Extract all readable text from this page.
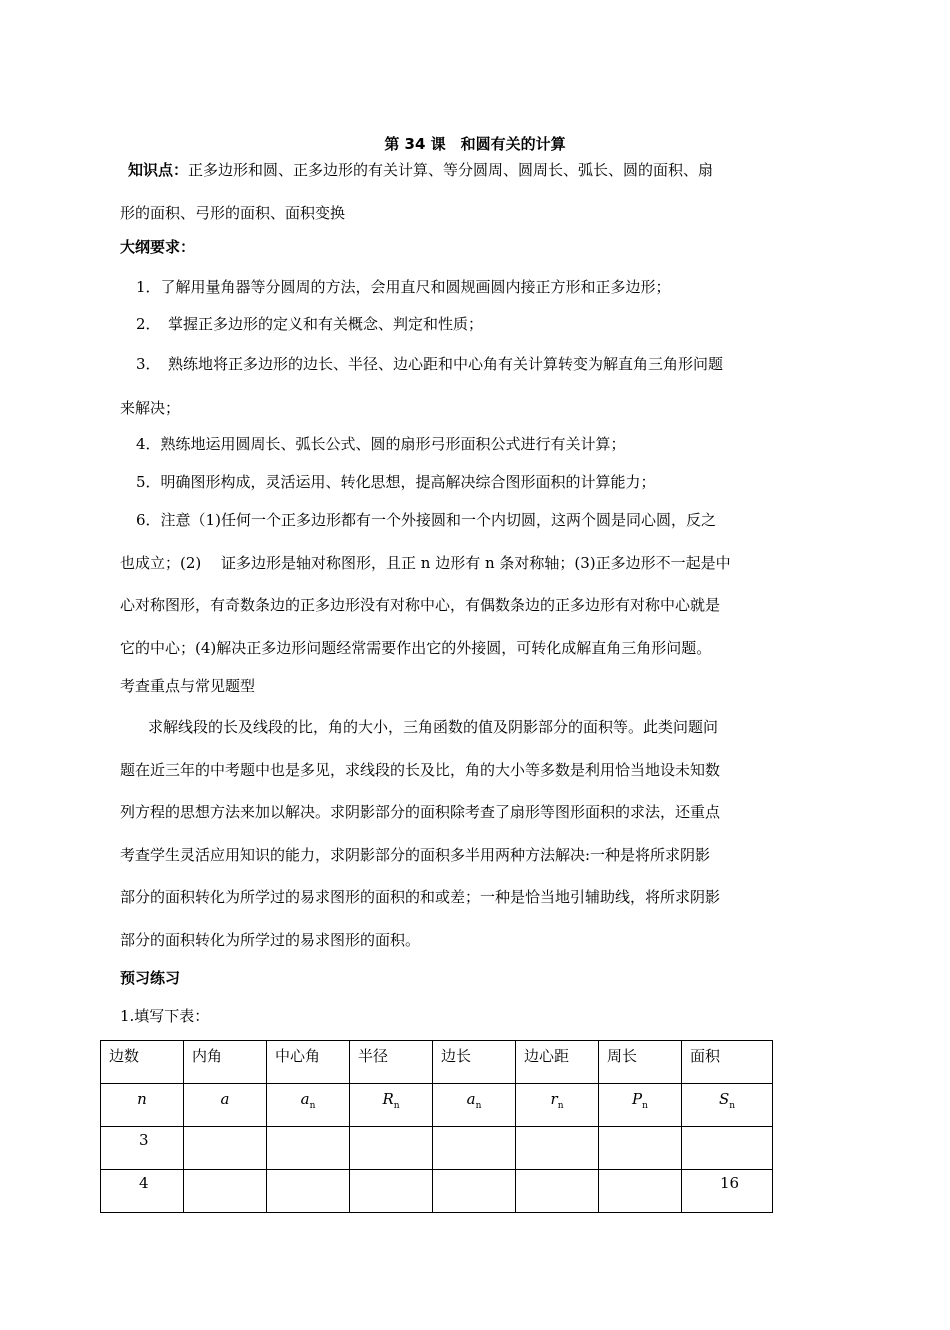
第 34 课　和圆有关的计算
知识点：正多边形和圆、正多边形的有关计算、等分圆周、圆周长、弧长、圆的面积、扇
形的面积、弓形的面积、面积变换
大纲要求：
1．了解用量角器等分圆周的方法，会用直尺和圆规画圆内接正方形和正多边形；
2．　掌握正多边形的定义和有关概念、判定和性质；
3．　熟练地将正多边形的边长、半径、边心距和中心角有关计算转变为解直角三角形问题
来解决；
4．熟练地运用圆周长、弧长公式、圆的扇形弓形面积公式进行有关计算；
5．明确图形构成，灵活运用、转化思想，提高解决综合图形面积的计算能力；
6．注意（1)任何一个正多边形都有一个外接圆和一个内切圆，这两个圆是同心圆，反之
也成立；(2)　 证多边形是轴对称图形，且正 n 边形有 n 条对称轴；(3)正多边形不一起是中
心对称图形，有奇数条边的正多边形没有对称中心，有偶数条边的正多边形有对称中心就是
它的中心；(4)解决正多边形问题经常需要作出它的外接圆，可转化成解直角三角形问题。
考查重点与常见题型
求解线段的长及线段的比，角的大小，三角函数的值及阴影部分的面积等。此类问题问
题在近三年的中考题中也是多见，求线段的长及比，角的大小等多数是利用恰当地设未知数
列方程的思想方法来加以解决。求阴影部分的面积除考查了扇形等图形面积的求法，还重点
考查学生灵活应用知识的能力，求阴影部分的面积多半用两种方法解决:一种是将所求阴影
部分的面积转化为所学过的易求图形的面积的和或差；一种是恰当地引辅助线，将所求阴影
部分的面积转化为所学过的易求图形的面积。
预习练习
1.填写下表：
边数	内角	中心角	半径	边长	边心距	周长	面积

n	a	$a_n$	$R_n$	$a_n$	$r_n$	$P_n$	$S_n$

3							

4							16
